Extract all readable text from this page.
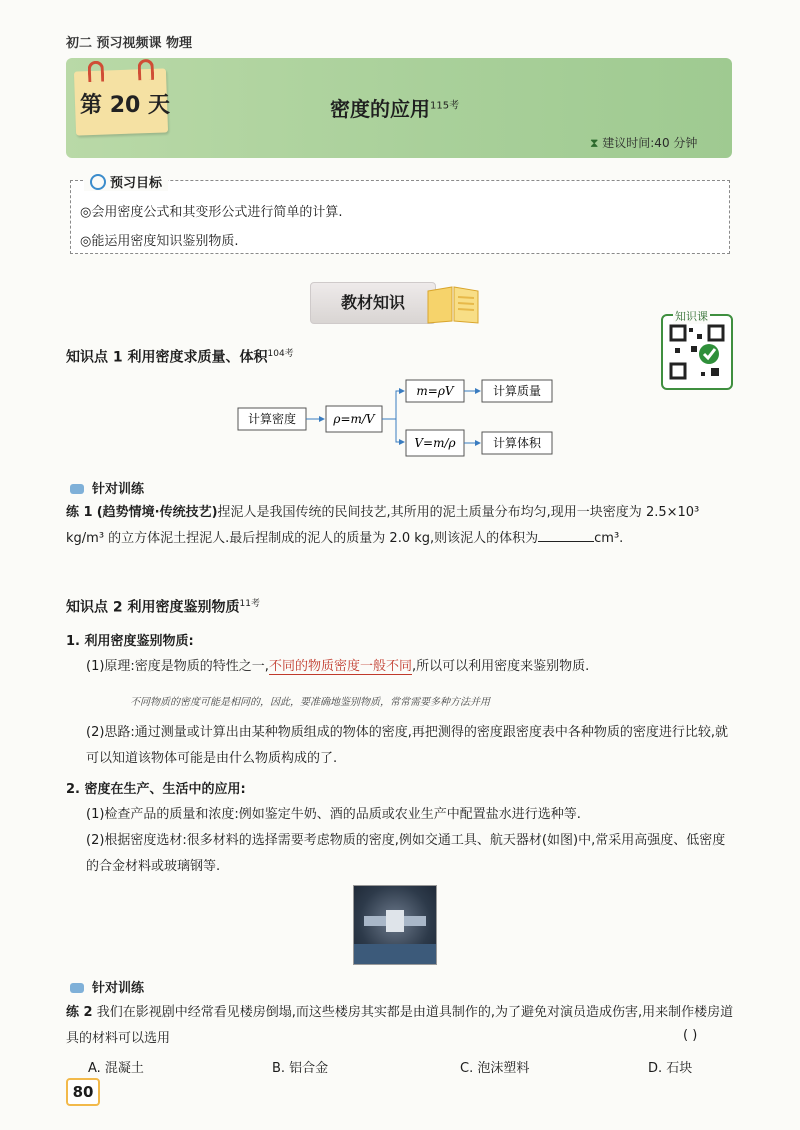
初二 预习视频课 物理
第 20 天	密度的应用$^{115考}$
⧗ 建议时间:40 分钟
预习目标
◎会用密度公式和其变形公式进行简单的计算.
◎能运用密度知识鉴别物质.
教材知识
知识课
知识点 1 利用密度求质量、体积$^{104考}$
计算密度	ρ=m/V
m=ρV
V=m/ρ
计算质量
计算体积
针对训练
练 1 (趋势情境·传统技艺)捏泥人是我国传统的民间技艺,其所用的泥土质量分布均匀,现用一块密度为 2.5×10³ kg/m³ 的立方体泥土捏泥人.最后捏制成的泥人的质量为 2.0 kg,则该泥人的体积为	cm³.
知识点 2 利用密度鉴别物质$^{11考}$
1. 利用密度鉴别物质:
(1)原理:密度是物质的特性之一,不同的物质密度一般不同,所以可以利用密度来鉴别物质.
不同物质的密度可能是相同的，因此，要准确地鉴别物质，常常需要多种方法并用
(2)思路:通过测量或计算出由某种物质组成的物体的密度,再把测得的密度跟密度表中各种物质的密度进行比较,就可以知道该物体可能是由什么物质构成的了.
2. 密度在生产、生活中的应用:
(1)检查产品的质量和浓度:例如鉴定牛奶、酒的品质或农业生产中配置盐水进行选种等.
(2)根据密度选材:很多材料的选择需要考虑物质的密度,例如交通工具、航天器材(如图)中,常采用高强度、低密度的合金材料或玻璃钢等.
针对训练
练 2 我们在影视剧中经常看见楼房倒塌,而这些楼房其实都是由道具制作的,为了避免对演员造成伤害,用来制作楼房道具的材料可以选用	( )
A. 混凝土	B. 铝合金	C. 泡沫塑料	D. 石块
80
